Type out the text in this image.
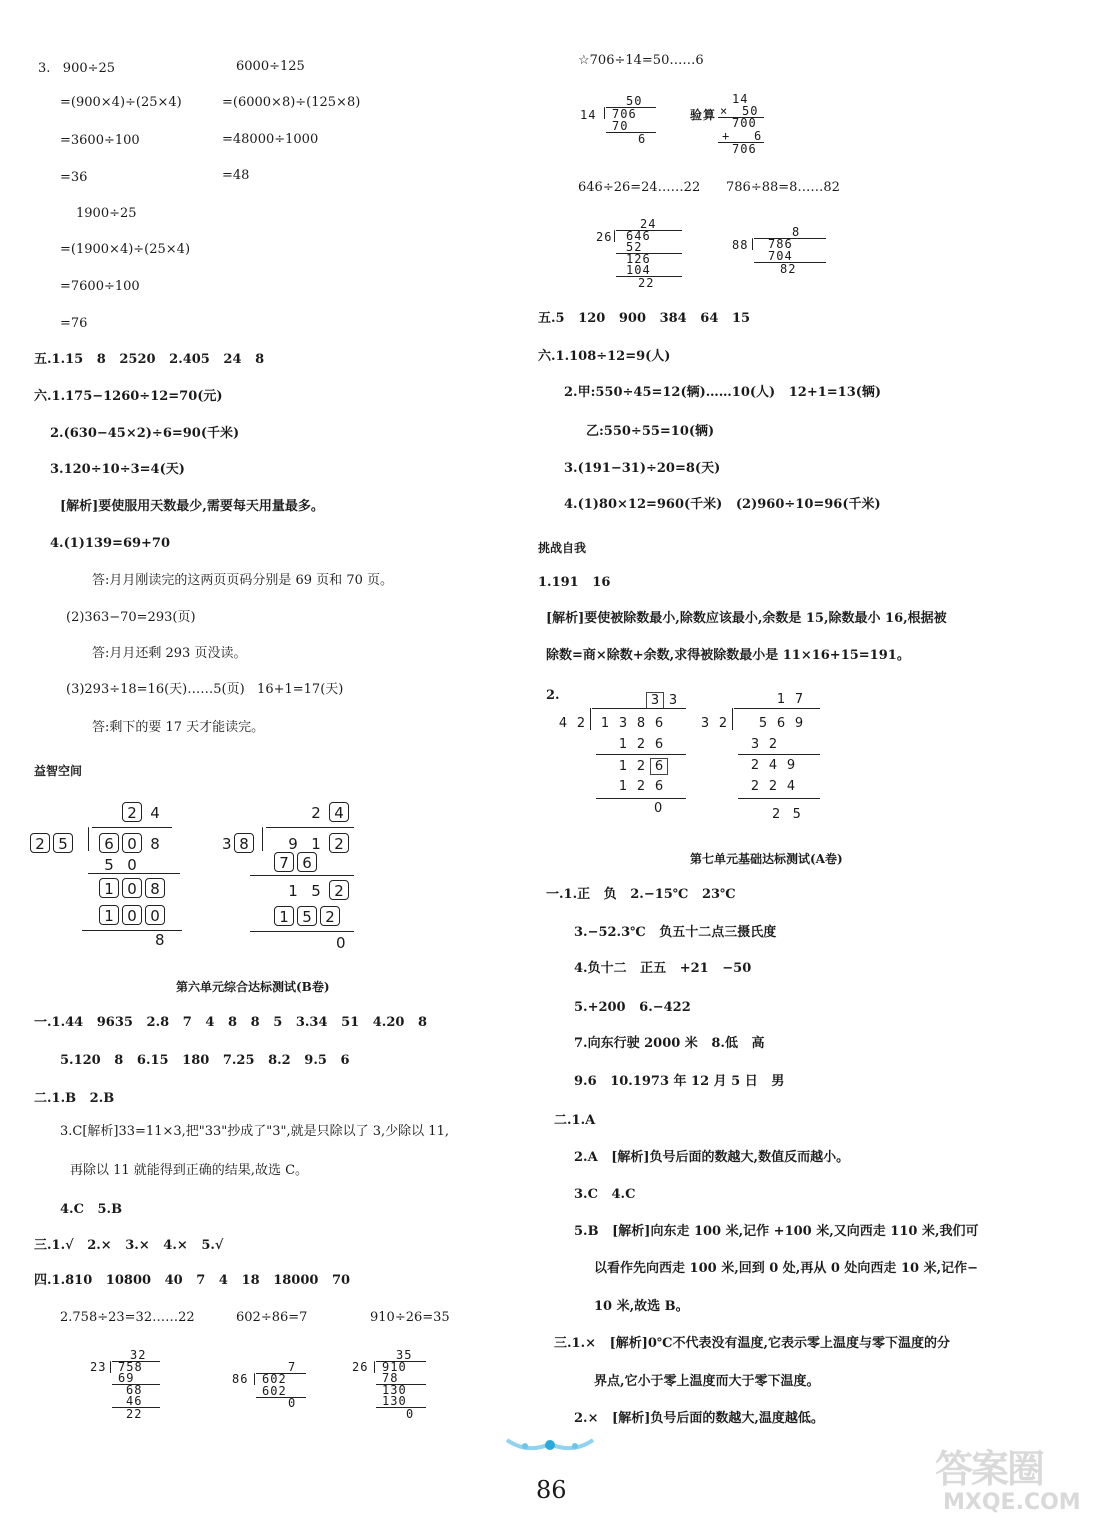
3.   900÷25	6000÷125
=(900×4)÷(25×4)	=(6000×8)÷(125×8)
=3600÷100	=48000÷1000
=36	=48
1900÷25
=(1900×4)÷(25×4)
=7600÷100
=76
五.1.15   8   2520   2.405   24   8
六.1.175−1260÷12=70(元)
2.(630−45×2)÷6=90(千米)
3.120÷10÷3=4(天)
[解析]要使服用天数最少,需要每天用量最多。
4.(1)139=69+70
答:月月刚读完的这两页页码分别是 69 页和 70 页。
(2)363−70=293(页)
答:月月还剩 293 页没读。
(3)293÷18=16(天)……5(页)   16+1=17(天)
答:剩下的要 17 天才能读完。
益智空间
2 4
2 5	6 0 8
5 0
1 0 8
1 0 0
8
2 4
3 8	9 1 2
7 6
1 5 2
1 5 2
0
第六单元综合达标测试(B卷)
一.1.44   9635   2.8   7   4   8   8   5   3.34   51   4.20   8
5.120   8   6.15   180   7.25   8.2   9.5   6
二.1.B   2.B
3.C[解析]33=11×3,把"33"抄成了"3",就是只除以了 3,少除以 11,
再除以 11 就能得到正确的结果,故选 C。
4.C   5.B
三.1.√   2.×   3.×   4.×   5.√
四.1.810   10800   40   7   4   18   18000   70
2.758÷23=32……22	602÷86=7	910÷26=35
32
23 758
69
68
46
22
7
86 602
602
0
35
26 910
78
130
130
0
☆706÷14=50……6
50
14 706
70
6
验算
14
× 50
700
+ 6
706
646÷26=24……22 786÷88=8……82
24
26 646
52
126
104
22
8
88 786
704
82
五.5   120   900   384   64   15
六.1.108÷12=9(人)
2.甲:550÷45=12(辆)……10(人)   12+1=13(辆)
乙:550÷55=10(辆)
3.(191−31)÷20=8(天)
4.(1)80×12=960(千米)   (2)960÷10=96(千米)
挑战自我
1.191   16
[解析]要使被除数最小,除数应该最小,余数是 15,除数最小 16,根据被
除数=商×除数+余数,求得被除数最小是 11×16+15=191。
2.	3 3
4 2	1 3 8 6
1 2 6
1 2 6
1 2 6
0
1 7
3 2	5 6 9
3 2
2 4 9
2 2 4
2   5
第七单元基础达标测试(A卷)
一.1.正   负   2.−15℃   23℃
3.−52.3℃   负五十二点三摄氏度
4.负十二   正五   +21   −50
5.+200   6.−422
7.向东行驶 2000 米   8.低   高
9.6   10.1973 年 12 月 5 日   男
二.1.A
2.A   [解析]负号后面的数越大,数值反而越小。
3.C   4.C
5.B   [解析]向东走 100 米,记作 +100 米,又向西走 110 米,我们可
以看作先向西走 100 米,回到 0 处,再从 0 处向西走 10 米,记作−
10 米,故选 B。
三.1.×   [解析]0℃不代表没有温度,它表示零上温度与零下温度的分
界点,它小于零上温度而大于零下温度。
2.×   [解析]负号后面的数越大,温度越低。
86	答案圈
MXQE.COM
